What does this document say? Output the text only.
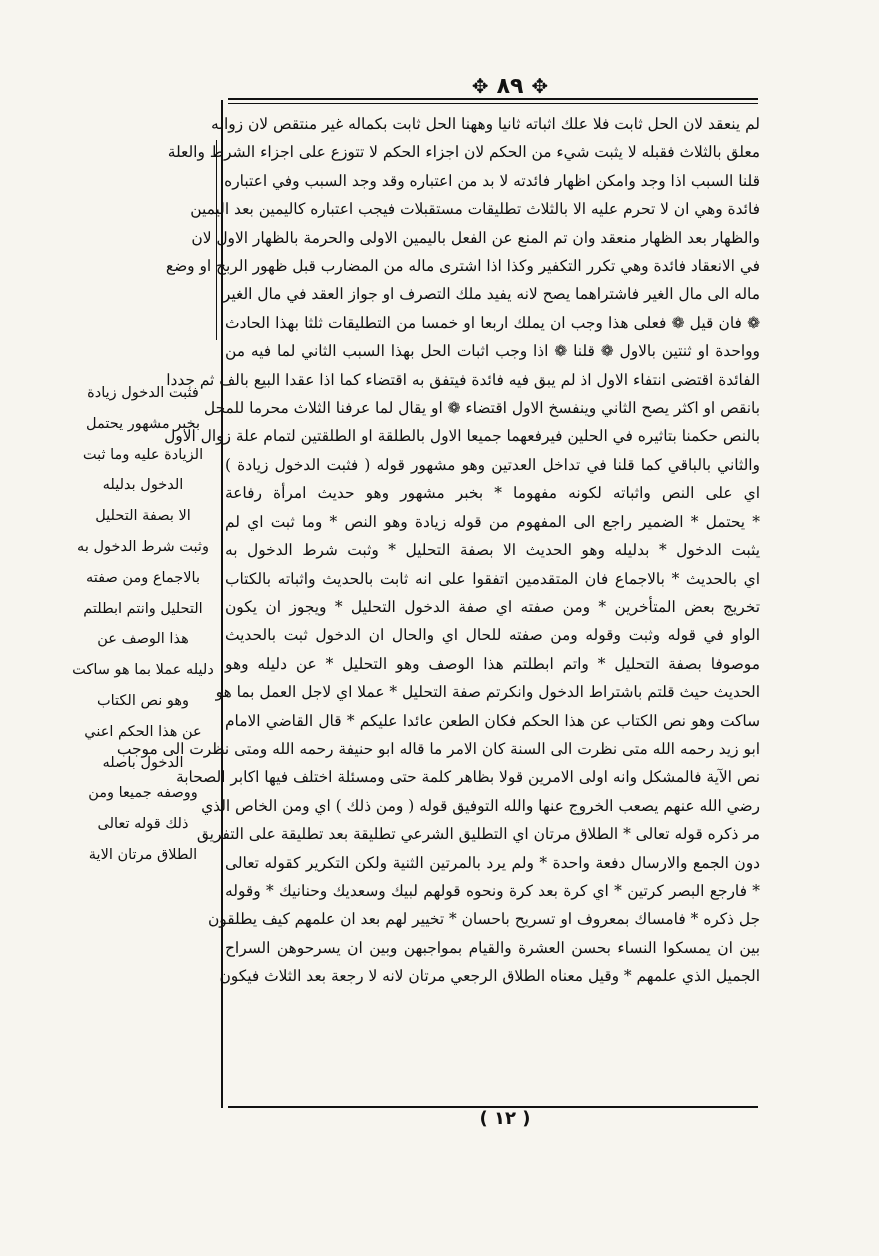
✥ ٨٩ ✥

لم ينعقد لان الحل ثابت فلا علك اثباته ثانيا وههنا الحل ثابت بكماله غير منتقص لان زواله

معلق بالثلاث فقبله لا يثبت شيء من الحكم لان اجزاء الحكم لا تتوزع على اجزاء الشرط والعلة

قلنا السبب اذا وجد وامكن اظهار فائدته لا بد من اعتباره وقد وجد السبب وفي اعتباره

فائدة وهي ان لا تحرم عليه الا بالثلاث تطليقات مستقبلات فيجب اعتباره كاليمين بعد اليمين

والظهار بعد الظهار منعقد وان تم المنع عن الفعل باليمين الاولى والحرمة بالظهار الاول لان

في الانعقاد فائدة وهي تكرر التكفير وكذا اذا اشترى ماله من المضارب قبل ظهور الربح او وضع

ماله الى مال الغير فاشتراهما يصح لانه يفيد ملك التصرف او جواز العقد في مال الغير

❁ فان قيل ❁ فعلى هذا وجب ان يملك اربعا او خمسا من التطليقات ثلثا بهذا الحادث

وواحدة او ثنتين بالاول ❁ قلنا ❁ اذا وجب اثبات الحل بهذا السبب الثاني لما فيه من

الفائدة اقتضى انتفاء الاول اذ لم يبق فيه فائدة فيتفق به اقتضاء كما اذا عقدا البيع بالف ثم جددا

بانقص او اكثر يصح الثاني وينفسخ الاول اقتضاء ❁ او يقال لما عرفنا الثلاث محرما للمحل

بالنص حكمنا بتاثيره في الحلين فيرفعهما جميعا الاول بالطلقة او الطلقتين لتمام علة زوال الاول

والثاني بالباقي كما قلنا في تداخل العدتين وهو مشهور قوله ( فثبت الدخول زيادة )

اي على النص واثباته لكونه مفهوما * بخبر مشهور وهو حديث امرأة رفاعة

* يحتمل * الضمير راجع الى المفهوم من قوله زيادة وهو النص * وما ثبت اي لم

يثبت الدخول * بدليله وهو الحديث الا بصفة التحليل * وثبت شرط الدخول به

اي بالحديث * بالاجماع فان المتقدمين اتفقوا على انه ثابت بالحديث واثباته بالكتاب

تخريج بعض المتأخرين * ومن صفته اي صفة الدخول التحليل * ويجوز ان يكون

الواو في قوله وثبت وقوله ومن صفته للحال اي والحال ان الدخول ثبت بالحديث

موصوفا بصفة التحليل * واتم ابطلتم هذا الوصف وهو التحليل * عن دليله وهو

الحديث حيث قلتم باشتراط الدخول وانكرتم صفة التحليل * عملا اي لاجل العمل بما هو

ساكت وهو نص الكتاب عن هذا الحكم فكان الطعن عائدا عليكم * قال القاضي الامام

ابو زيد رحمه الله متى نظرت الى السنة كان الامر ما قاله ابو حنيفة رحمه الله ومتى نظرت الى موجب

نص الآية فالمشكل وانه اولى الامرين قولا بظاهر كلمة حتى ومسئلة اختلف فيها اكابر الصحابة

رضي الله عنهم يصعب الخروج عنها والله التوفيق قوله ( ومن ذلك ) اي ومن الخاص الذي

مر ذكره قوله تعالى * الطلاق مرتان اي التطليق الشرعي تطليقة بعد تطليقة على التفريق

دون الجمع والارسال دفعة واحدة * ولم يرد بالمرتين الثنية ولكن التكرير كقوله تعالى

* فارجع البصر كرتين * اي كرة بعد كرة ونحوه قولهم لبيك وسعديك وحنانيك * وقوله

جل ذكره * فامساك بمعروف او تسريح باحسان * تخيير لهم بعد ان علمهم كيف يطلقون

بين ان يمسكوا النساء بحسن العشرة والقيام بمواجبهن وبين ان يسرحوهن السراح

الجميل الذي علمهم * وقيل معناه الطلاق الرجعي مرتان لانه لا رجعة بعد الثلاث فيكون

فثبت الدخول زيادة

بخبر مشهور يحتمل

الزيادة عليه وما ثبت

الدخول بدليله

الا بصفة التحليل

وثبت شرط الدخول به

بالاجماع ومن صفته

التحليل وانتم ابطلتم

هذا الوصف عن

دليله عملا بما هو ساكت

وهو نص الكتاب

عن هذا الحكم اعني

الدخول باصله

ووصفه جميعا ومن

ذلك قوله تعالى

الطلاق مرتان الاية

( ١٢ )
